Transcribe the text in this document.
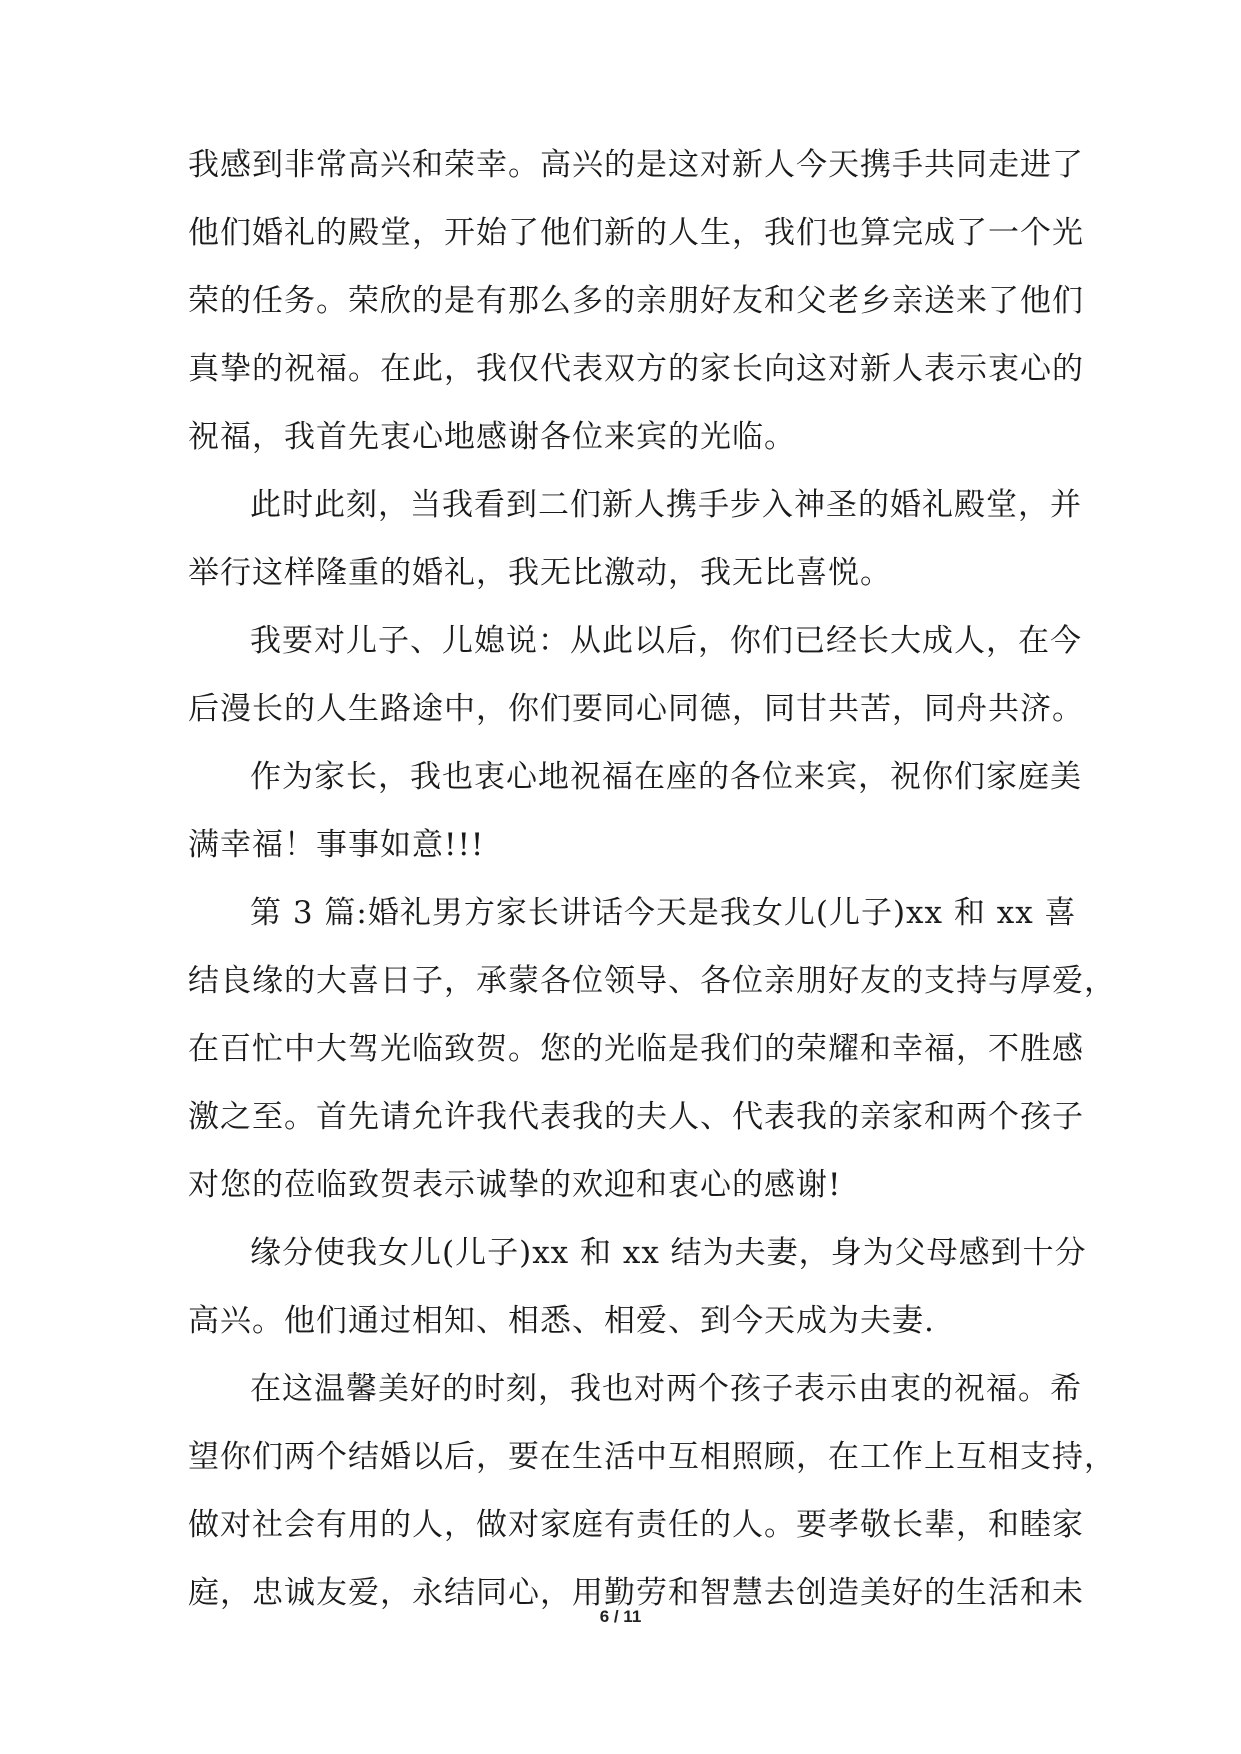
我感到非常高兴和荣幸。高兴的是这对新人今天携手共同走进了
他们婚礼的殿堂，开始了他们新的人生，我们也算完成了一个光
荣的任务。荣欣的是有那么多的亲朋好友和父老乡亲送来了他们
真挚的祝福。在此，我仅代表双方的家长向这对新人表示衷心的
祝福，我首先衷心地感谢各位来宾的光临。
此时此刻，当我看到二们新人携手步入神圣的婚礼殿堂，并
举行这样隆重的婚礼，我无比激动，我无比喜悦。
我要对儿子、儿媳说：从此以后，你们已经长大成人，在今
后漫长的人生路途中，你们要同心同德，同甘共苦，同舟共济。
作为家长，我也衷心地祝福在座的各位来宾，祝你们家庭美
满幸福！事事如意!!!
第 3 篇:婚礼男方家长讲话今天是我女儿(儿子)xx 和 xx 喜
结良缘的大喜日子，承蒙各位领导、各位亲朋好友的支持与厚爱，
在百忙中大驾光临致贺。您的光临是我们的荣耀和幸福，不胜感
激之至。首先请允许我代表我的夫人、代表我的亲家和两个孩子
对您的莅临致贺表示诚挚的欢迎和衷心的感谢!
缘分使我女儿(儿子)xx 和 xx 结为夫妻，身为父母感到十分
高兴。他们通过相知、相悉、相爱、到今天成为夫妻.
在这温馨美好的时刻，我也对两个孩子表示由衷的祝福。希
望你们两个结婚以后，要在生活中互相照顾，在工作上互相支持，
做对社会有用的人，做对家庭有责任的人。要孝敬长辈，和睦家
庭，忠诚友爱，永结同心，用勤劳和智慧去创造美好的生活和未
6 / 11
